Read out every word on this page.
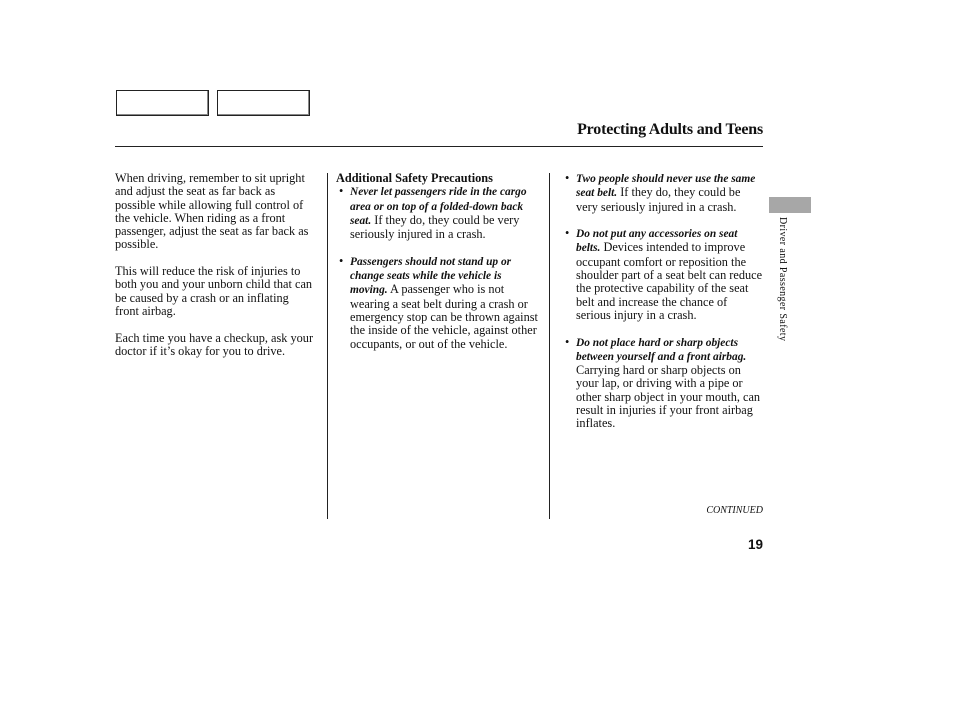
Protecting Adults and Teens

When driving, remember to sit upright and adjust the seat as far back as possible while allowing full control of the vehicle. When riding as a front passenger, adjust the seat as far back as possible.

This will reduce the risk of injuries to both you and your unborn child that can be caused by a crash or an inflating front airbag.

Each time you have a checkup, ask your doctor if it’s okay for you to drive.

Additional Safety Precautions
• Never let passengers ride in the cargo area or on top of a folded-down back seat. If they do, they could be very seriously injured in a crash.
• Passengers should not stand up or change seats while the vehicle is moving. A passenger who is not wearing a seat belt during a crash or emergency stop can be thrown against the inside of the vehicle, against other occupants, or out of the vehicle.
• Two people should never use the same seat belt. If they do, they could be very seriously injured in a crash.
• Do not put any accessories on seat belts. Devices intended to improve occupant comfort or reposition the shoulder part of a seat belt can reduce the protective capability of the seat belt and increase the chance of serious injury in a crash.
• Do not place hard or sharp objects between yourself and a front airbag. Carrying hard or sharp objects on your lap, or driving with a pipe or other sharp object in your mouth, can result in injuries if your front airbag inflates.
Driver and Passenger Safety
CONTINUED
19
